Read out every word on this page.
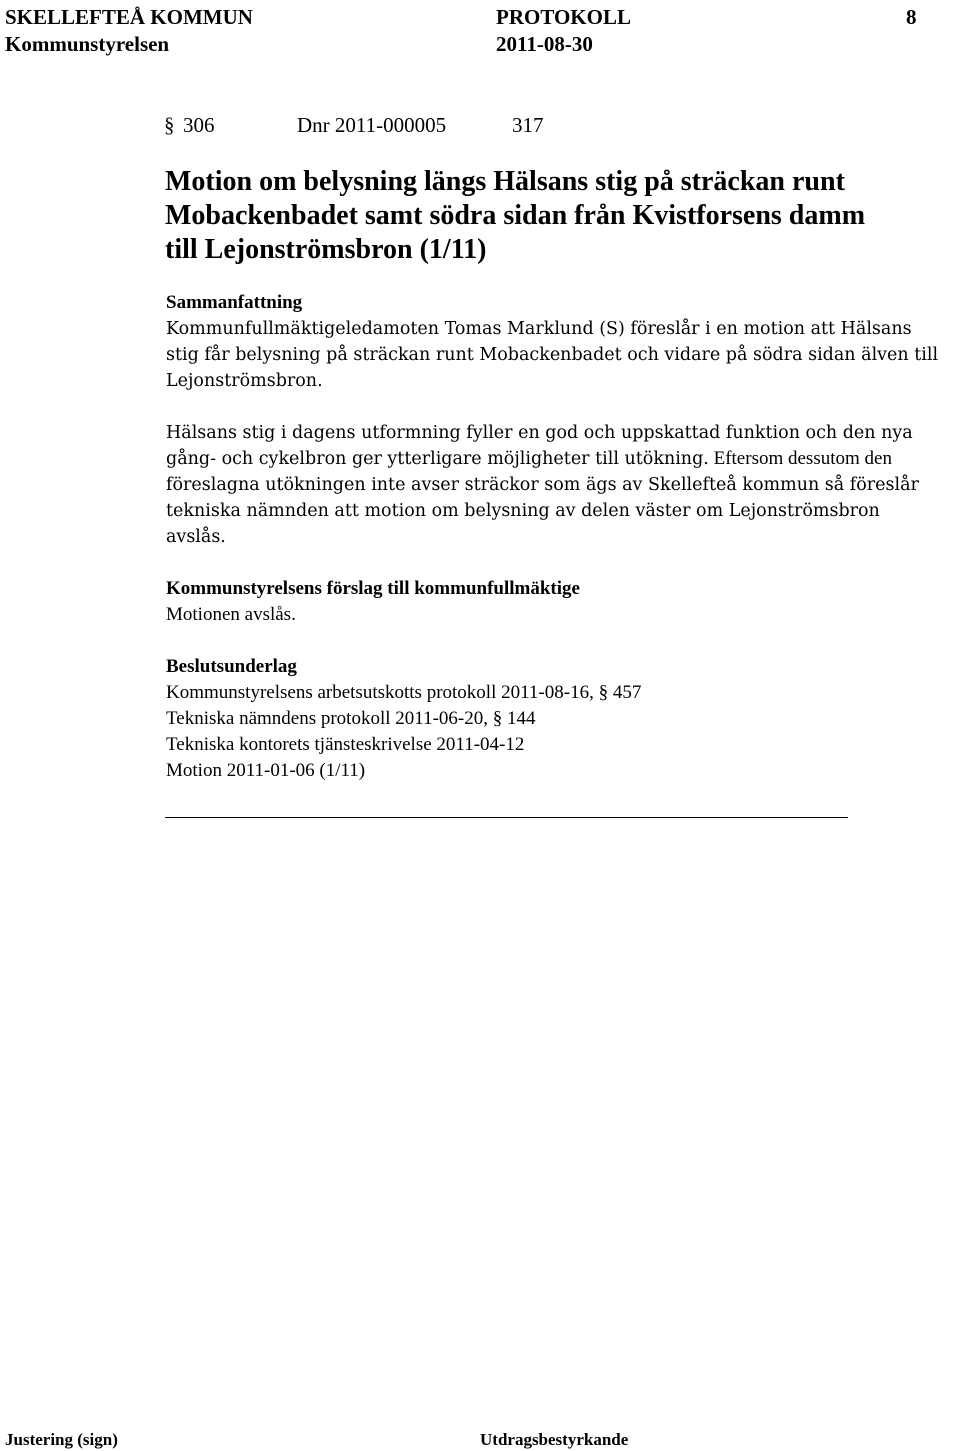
SKELLEFTEÅ KOMMUN
Kommunstyrelsen
PROTOKOLL
2011-08-30
8
§ 306	Dnr 2011-000005	317
Motion om belysning längs Hälsans stig på sträckan runt
Mobackenbadet samt södra sidan från Kvistforsens damm
till Lejonströmsbron (1/11)
Sammanfattning
Kommunfullmäktigeledamoten Tomas Marklund (S) föreslår i en motion att Hälsans
stig får belysning på sträckan runt Mobackenbadet och vidare på södra sidan älven till
Lejonströmsbron.
Hälsans stig i dagens utformning fyller en god och uppskattad funktion och den nya
gång- och cykelbron ger ytterligare möjligheter till utökning. Eftersom dessutom den
föreslagna utökningen inte avser sträckor som ägs av Skellefteå kommun så föreslår
tekniska nämnden att motion om belysning av delen väster om Lejonströmsbron
avslås.
Kommunstyrelsens förslag till kommunfullmäktige
Motionen avslås.
Beslutsunderlag
Kommunstyrelsens arbetsutskotts protokoll 2011-08-16, § 457
Tekniska nämndens protokoll 2011-06-20, § 144
Tekniska kontorets tjänsteskrivelse 2011-04-12
Motion 2011-01-06 (1/11)
Justering (sign)	Utdragsbestyrkande
